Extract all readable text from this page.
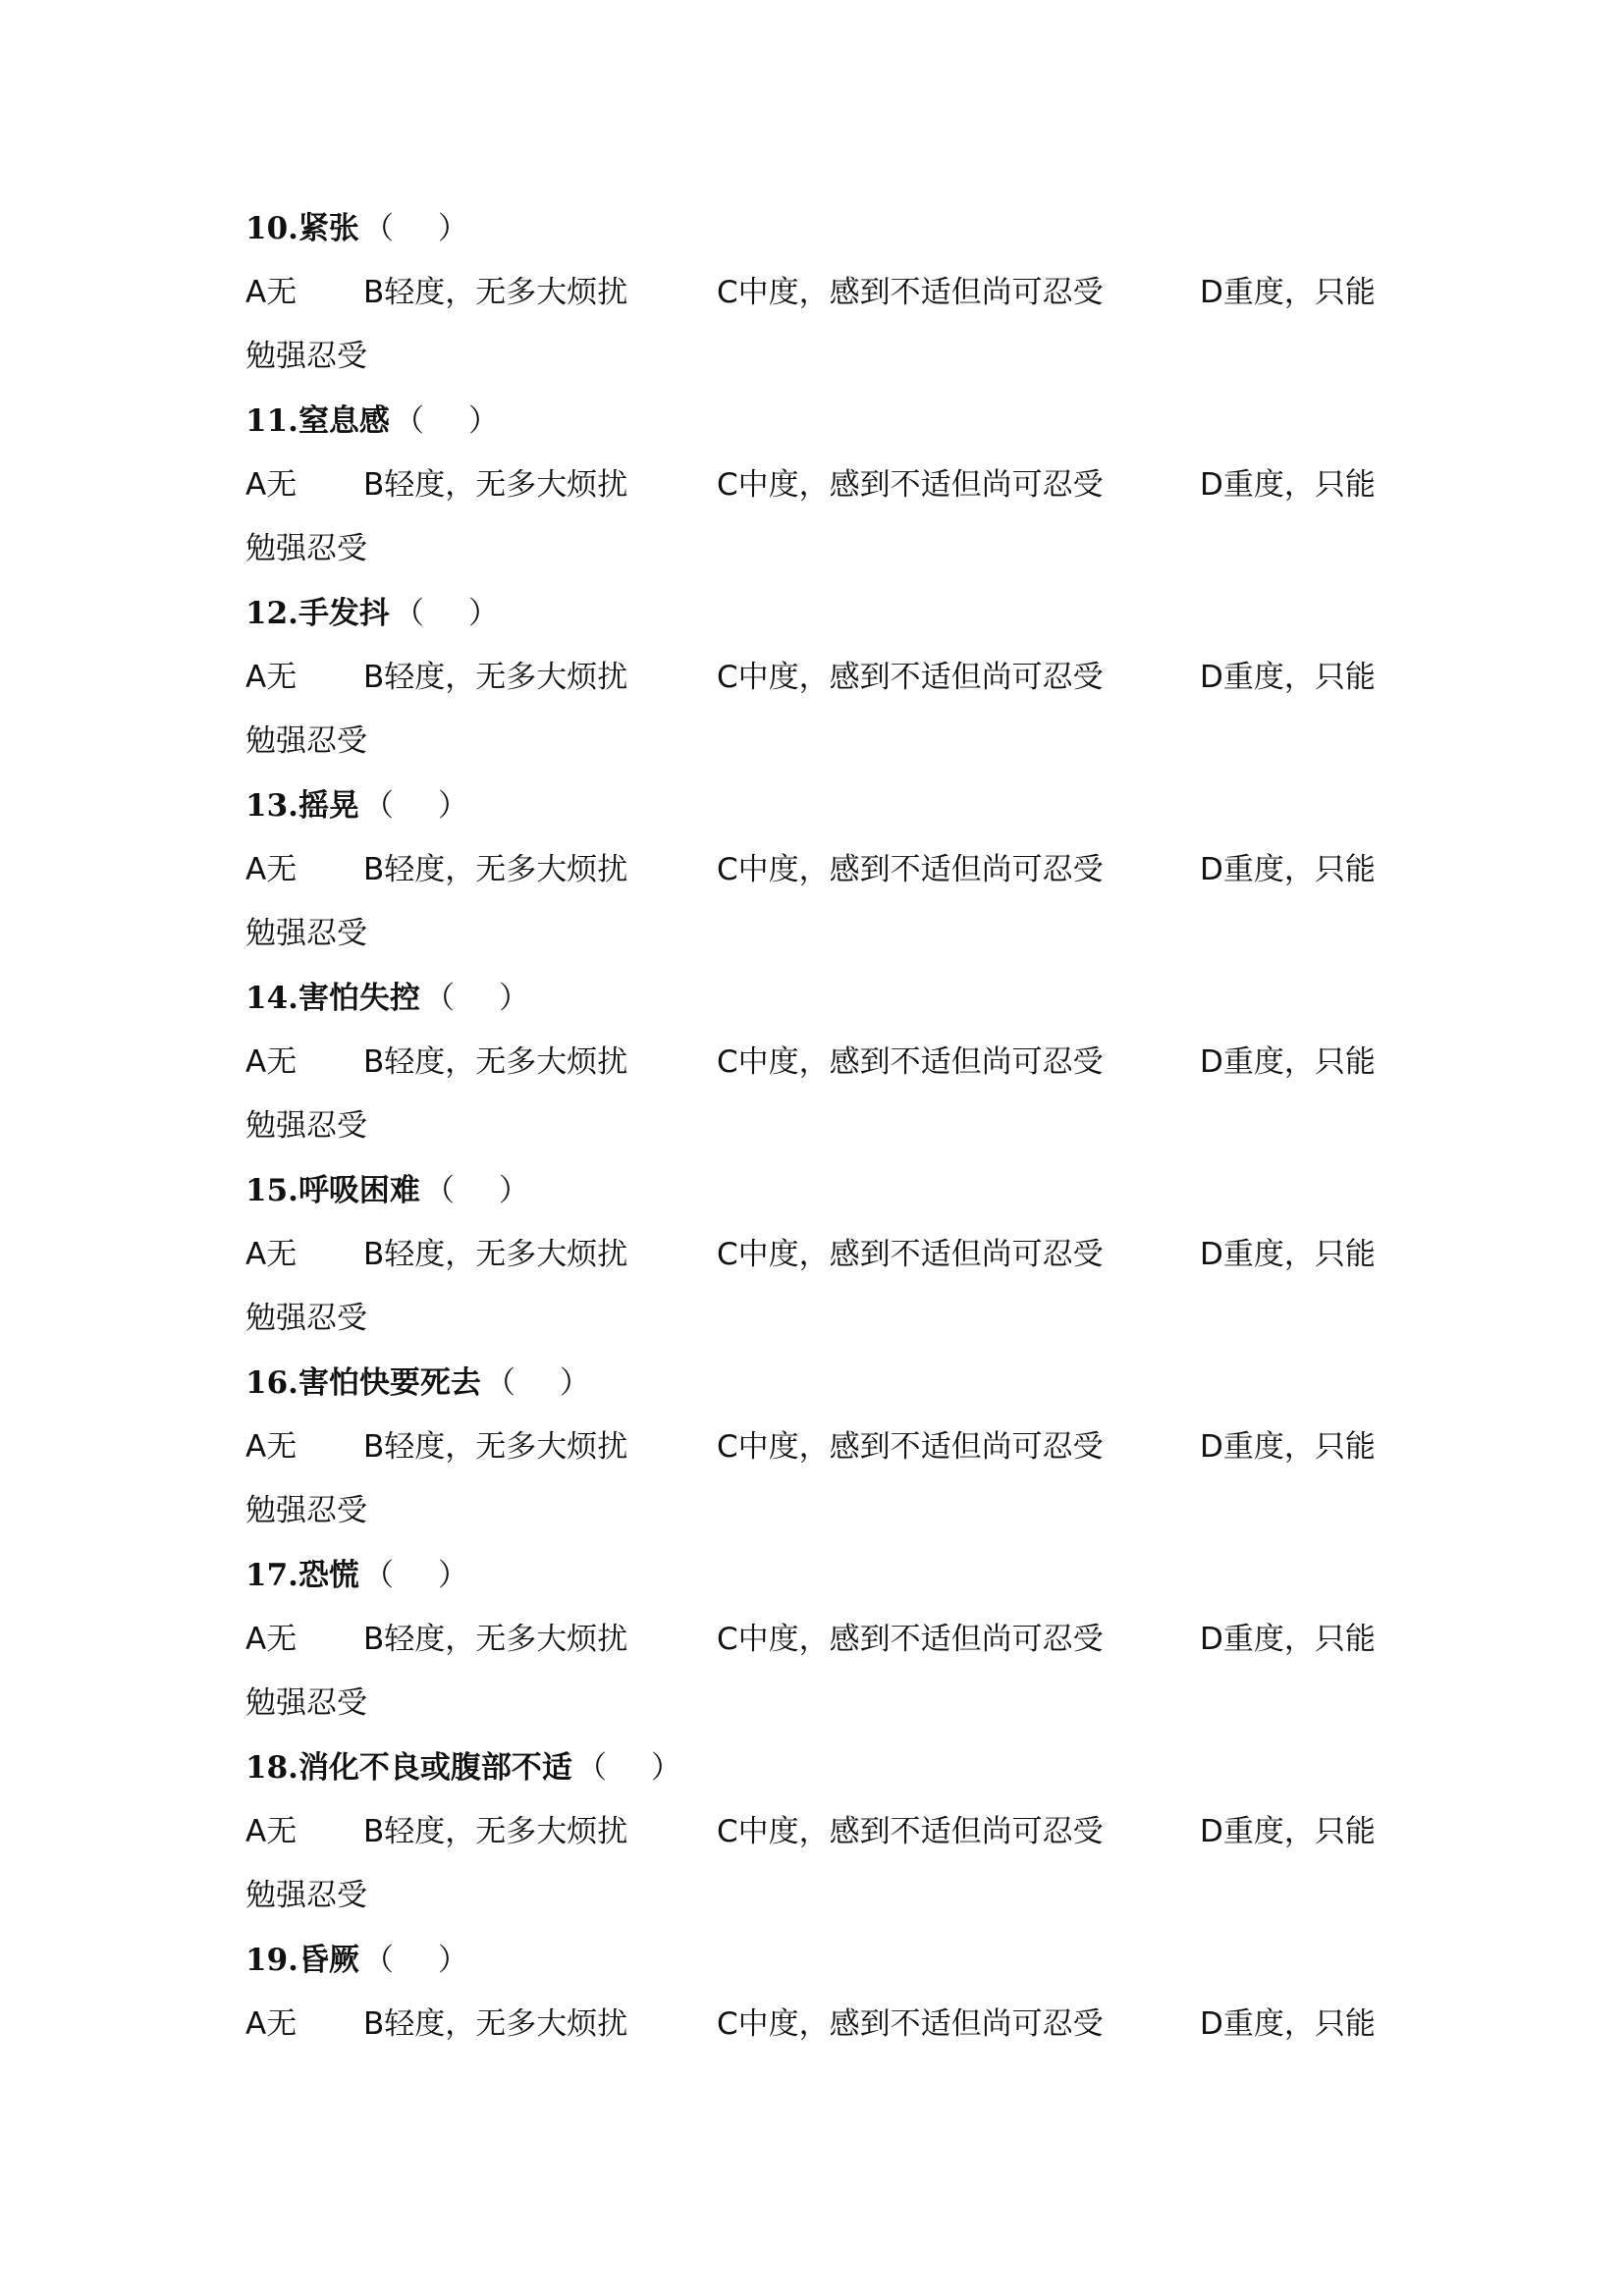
10.紧张 （ ）

A无 B轻度，无多大烦扰	C中度，感到不适但尚可忍受	D重度，只能
勉强忍受
11.窒息感 （ ）

A无 B轻度，无多大烦扰	C中度，感到不适但尚可忍受	D重度，只能
勉强忍受
12.手发抖 （ ）

A无 B轻度，无多大烦扰	C中度，感到不适但尚可忍受	D重度，只能
勉强忍受
13.摇晃 （ ）

A无 B轻度，无多大烦扰	C中度，感到不适但尚可忍受	D重度，只能
勉强忍受
14.害怕失控 （ ）

A无 B轻度，无多大烦扰	C中度，感到不适但尚可忍受	D重度，只能
勉强忍受
15.呼吸困难 （ ）

A无 B轻度，无多大烦扰	C中度，感到不适但尚可忍受	D重度，只能
勉强忍受
16.害怕快要死去 （ ）

A无 B轻度，无多大烦扰	C中度，感到不适但尚可忍受	D重度，只能
勉强忍受
17.恐慌 （ ）

A无 B轻度，无多大烦扰	C中度，感到不适但尚可忍受	D重度，只能
勉强忍受
18.消化不良或腹部不适 （ ）

A无 B轻度，无多大烦扰	C中度，感到不适但尚可忍受	D重度，只能
勉强忍受
19.昏厥 （ ）

A无 B轻度，无多大烦扰	C中度，感到不适但尚可忍受	D重度，只能
